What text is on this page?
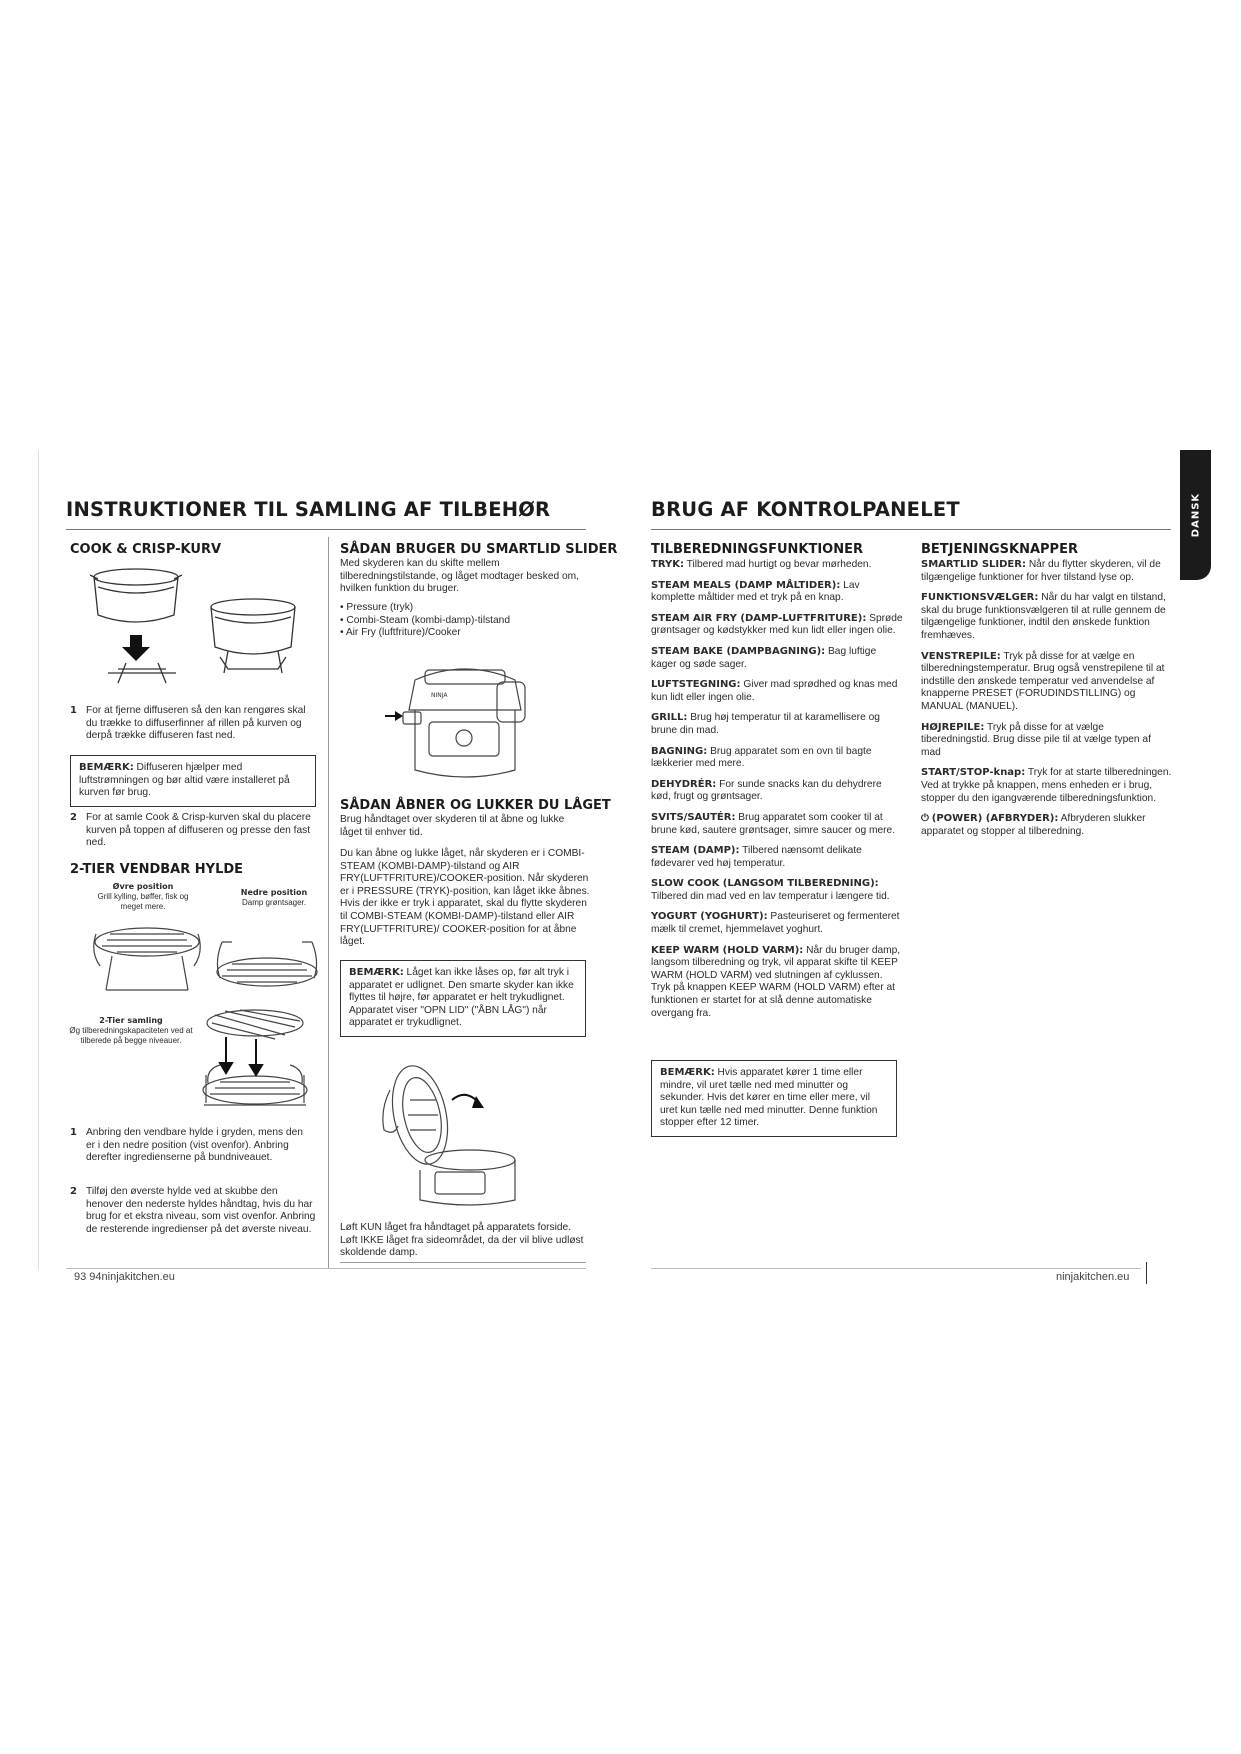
INSTRUKTIONER TIL SAMLING AF TILBEHØR
COOK & CRISP-KURV

1 For at fjerne diffuseren så den kan rengøres skal du trække to diffuserfinner af rillen på kurven og derpå trække diffuseren fast ned.

BEMÆRK: Diffuseren hjælper med luftstrømningen og bør altid være installeret på kurven før brug.

2 For at samle Cook & Crisp-kurven skal du placere kurven på toppen af diffuseren og presse den fast ned.

2-TIER VENDBAR HYLDE
Øvre position
Grill kylling, bøffer, fisk og meget mere.
Nedre position
Damp grøntsager.
2-Tier samling
Øg tilberedningskapaciteten ved at tilberede på begge niveauer.

1 Anbring den vendbare hylde i gryden, mens den er i den nedre position (vist ovenfor). Anbring derefter ingredienserne på bundniveauet.

2 Tilføj den øverste hylde ved at skubbe den henover den nederste hyldes håndtag, hvis du har brug for et ekstra niveau, som vist ovenfor. Anbring de resterende ingredienser på det øverste niveau.

SÅDAN BRUGER DU SMARTLID SLIDER

Med skyderen kan du skifte mellem tilberedningstilstande, og låget modtager besked om, hvilken funktion du bruger.

• Pressure (tryk)
• Combi-Steam (kombi-damp)-tilstand
• Air Fry (luftfriture)/Cooker
NINJA
SÅDAN ÅBNER OG LUKKER DU LÅGET

Brug håndtaget over skyderen til at åbne og lukke låget til enhver tid.

Du kan åbne og lukke låget, når skyderen er i COMBI-STEAM (KOMBI-DAMP)-tilstand og AIR FRY(LUFTFRITURE)/COOKER-position. Når skyderen er i PRESSURE (TRYK)-position, kan låget ikke åbnes. Hvis der ikke er tryk i apparatet, skal du flytte skyderen til COMBI-STEAM (KOMBI-DAMP)-tilstand eller AIR FRY(LUFTFRITURE)/ COOKER-position for at åbne låget.

BEMÆRK: Låget kan ikke låses op, før alt tryk i apparatet er udlignet. Den smarte skyder kan ikke flyttes til højre, før apparatet er helt trykudlignet. Apparatet viser "OPN LID" ("ÅBN LÅG") når apparatet er trykudlignet.

Løft KUN låget fra håndtaget på apparatets forside. Løft IKKE låget fra sideområdet, da der vil blive udløst skoldende damp.

93 94ninjakitchen.eu
BRUG AF KONTROLPANELET	DANSK
TILBEREDNINGSFUNKTIONER

TRYK: Tilbered mad hurtigt og bevar mørheden.

STEAM MEALS (DAMP MÅLTIDER): Lav komplette måltider med et tryk på en knap.

STEAM AIR FRY (DAMP-LUFTFRITURE): Sprøde grøntsager og kødstykker med kun lidt eller ingen olie.

STEAM BAKE (DAMPBAGNING): Bag luftige kager og søde sager.

LUFTSTEGNING: Giver mad sprødhed og knas med kun lidt eller ingen olie.

GRILL: Brug høj temperatur til at karamellisere og brune din mad.

BAGNING: Brug apparatet som en ovn til bagte lækkerier med mere.

DEHYDRÉR: For sunde snacks kan du dehydrere kød, frugt og grøntsager.

SVITS/SAUTÉR: Brug apparatet som cooker til at brune kød, sautere grøntsager, simre saucer og mere.

STEAM (DAMP): Tilbered nænsomt delikate fødevarer ved høj temperatur.

SLOW COOK (LANGSOM TILBEREDNING): Tilbered din mad ved en lav temperatur i længere tid.

YOGURT (YOGHURT): Pasteuriseret og fermenteret mælk til cremet, hjemmelavet yoghurt.

KEEP WARM (HOLD VARM): Når du bruger damp, langsom tilberedning og tryk, vil apparat skifte til KEEP WARM (HOLD VARM) ved slutningen af cyklussen. Tryk på knappen KEEP WARM (HOLD VARM) efter at funktionen er startet for at slå denne automatiske overgang fra.

BEMÆRK: Hvis apparatet kører 1 time eller mindre, vil uret tælle ned med minutter og sekunder. Hvis det kører en time eller mere, vil uret kun tælle ned med minutter. Denne funktion stopper efter 12 timer.
BETJENINGSKNAPPER

SMARTLID SLIDER: Når du flytter skyderen, vil de tilgængelige funktioner for hver tilstand lyse op.

FUNKTIONSVÆLGER: Når du har valgt en tilstand, skal du bruge funktionsvælgeren til at rulle gennem de tilgængelige funktioner, indtil den ønskede funktion fremhæves.

VENSTREPILE: Tryk på disse for at vælge en tilberedningstemperatur. Brug også venstrepilene til at indstille den ønskede temperatur ved anvendelse af knapperne PRESET (FORUDINDSTILLING) og MANUAL (MANUEL).

HØJREPILE: Tryk på disse for at vælge tiberedningstid. Brug disse pile til at vælge typen af mad

START/STOP-knap: Tryk for at starte tilberedningen. Ved at trykke på knappen, mens enheden er i brug, stopper du den igangværende tilberedningsfunktion.

⏻ (POWER) (AFBRYDER): Afbryderen slukker apparatet og stopper al tilberedning.

ninjakitchen.eu
